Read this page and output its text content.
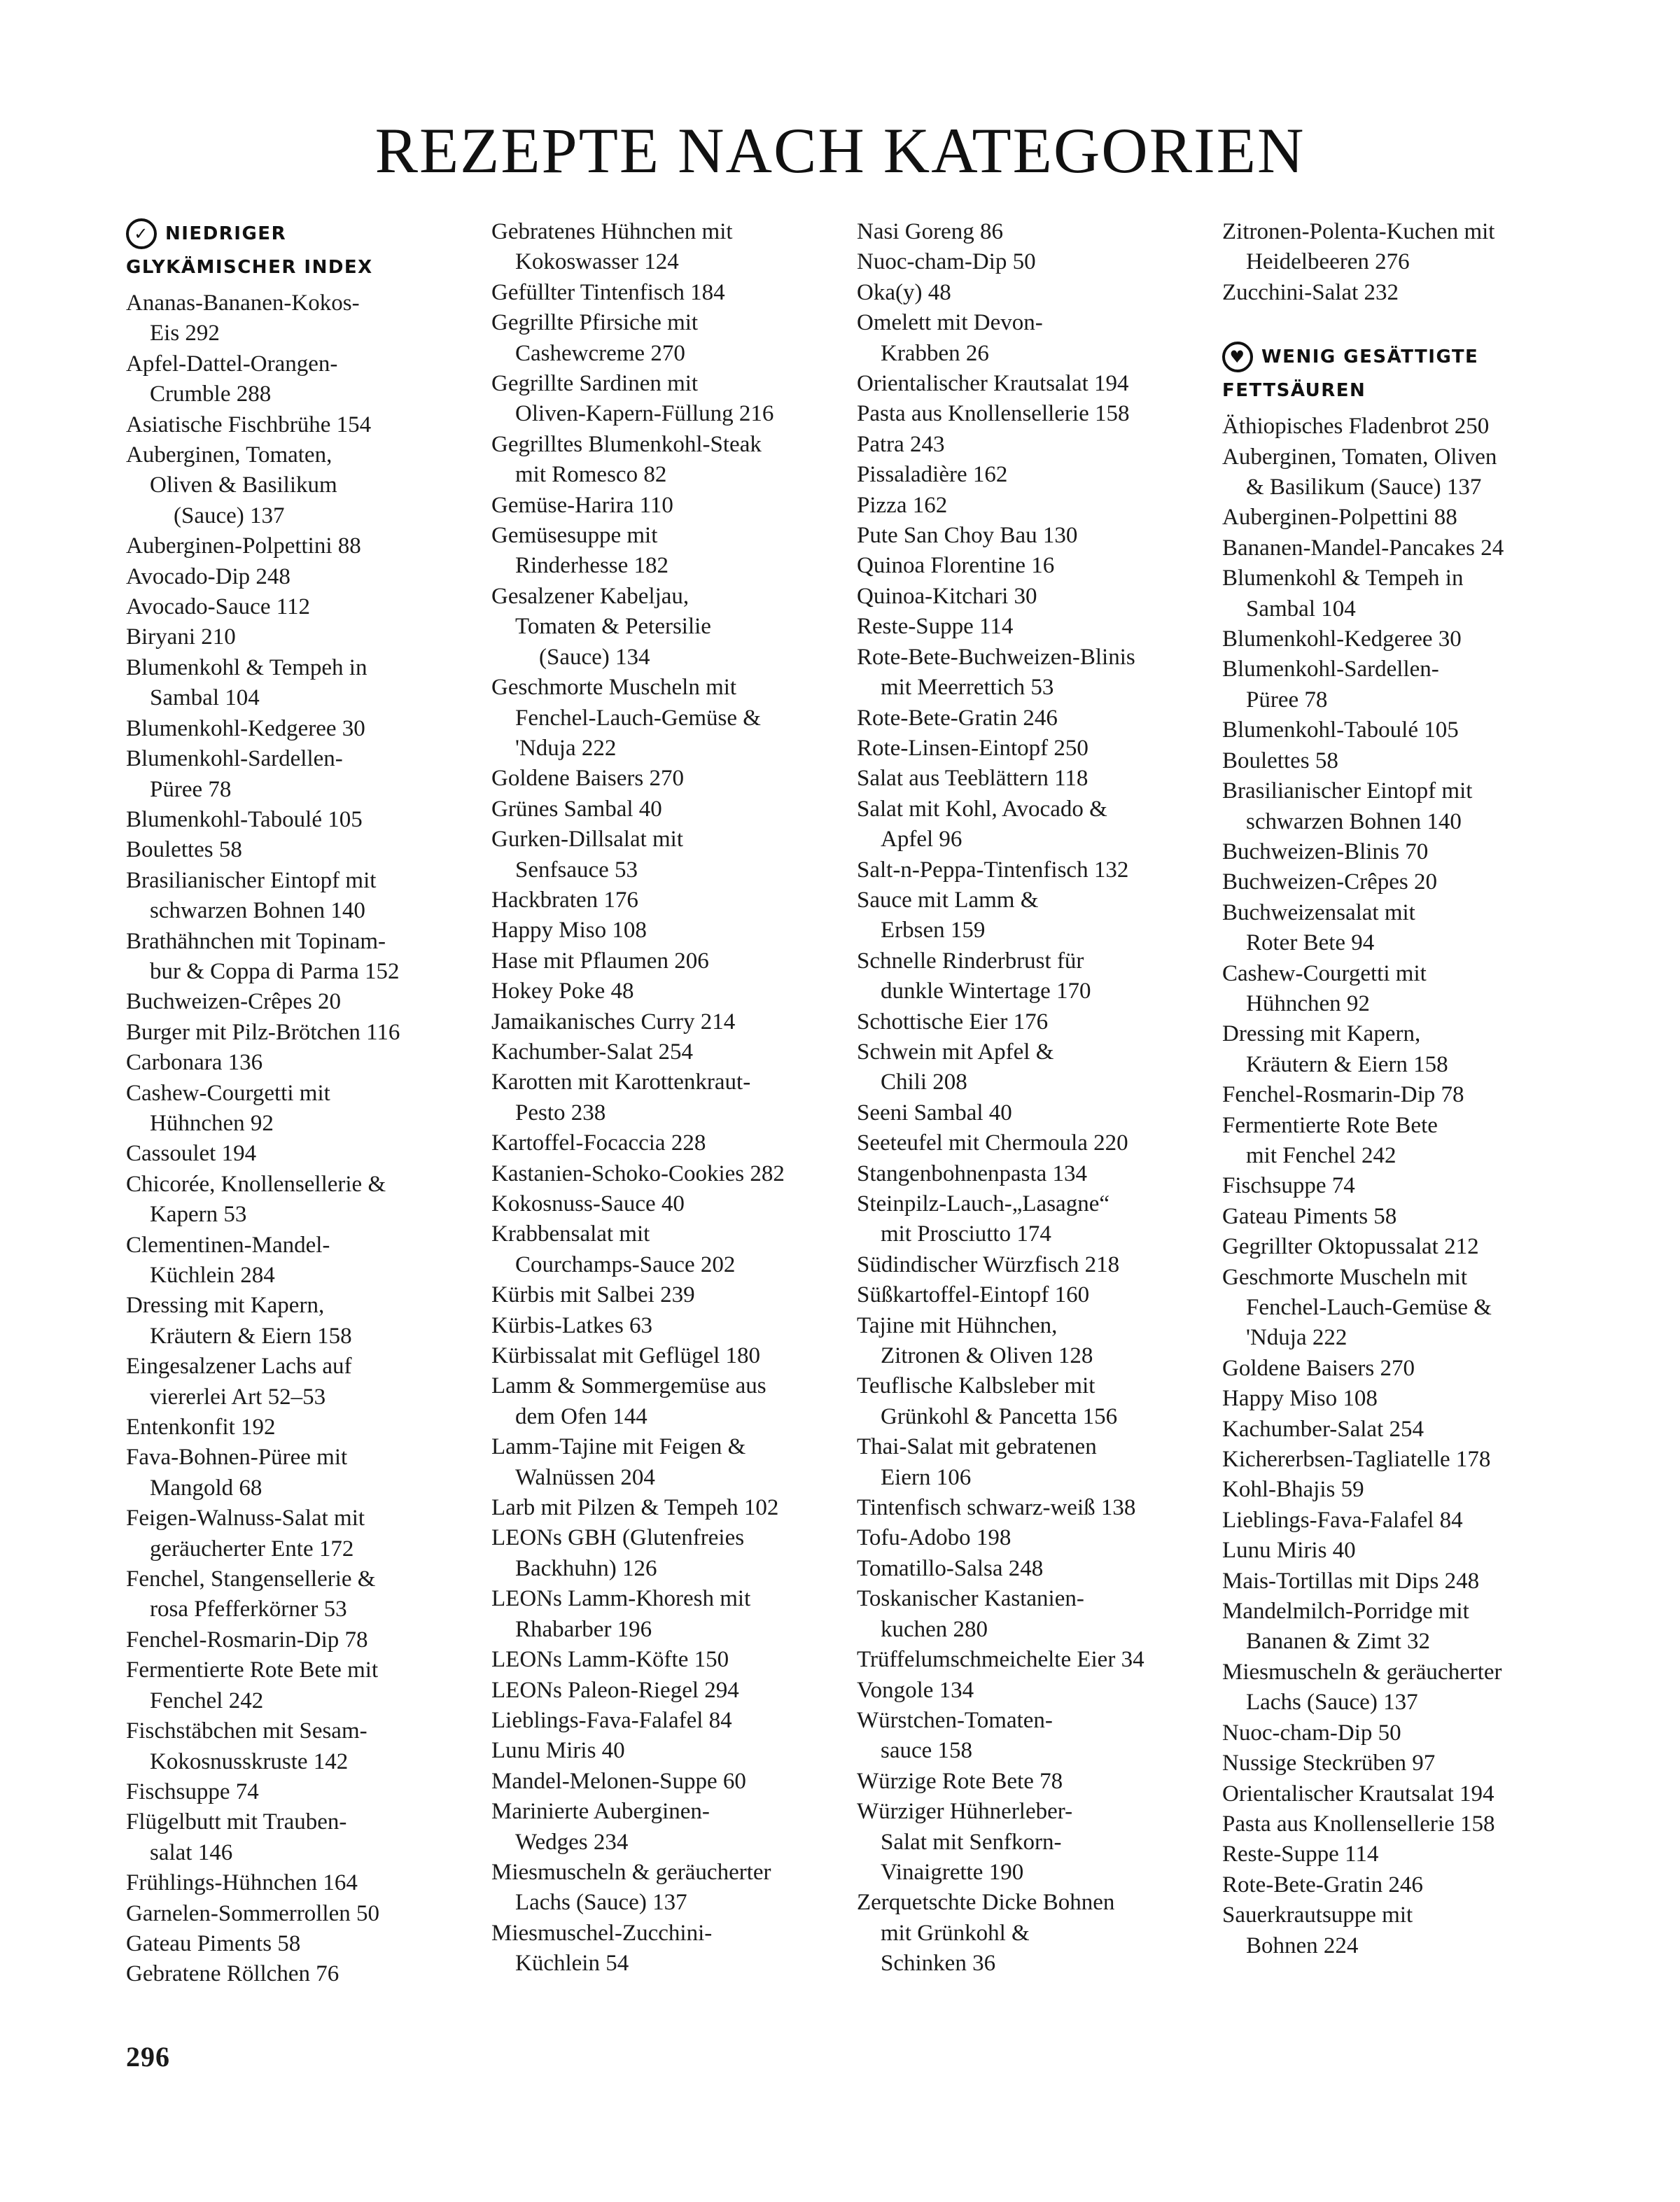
REZEPTE NACH KATEGORIEN
✓ NIEDRIGER
GLYKÄMISCHER INDEX
Ananas-Bananen-Kokos-
Eis 292
Apfel-Dattel-Orangen-
Crumble 288
Asiatische Fischbrühe 154
Auberginen, Tomaten,
Oliven & Basilikum
(Sauce) 137
Auberginen-Polpettini 88
Avocado-Dip 248
Avocado-Sauce 112
Biryani 210
Blumenkohl & Tempeh in
Sambal 104
Blumenkohl-Kedgeree 30
Blumenkohl-Sardellen-
Püree 78
Blumenkohl-Taboulé 105
Boulettes 58
Brasilianischer Eintopf mit
schwarzen Bohnen 140
Brathähnchen mit Topinam-
bur & Coppa di Parma 152
Buchweizen-Crêpes 20
Burger mit Pilz-Brötchen 116
Carbonara 136
Cashew-Courgetti mit
Hühnchen 92
Cassoulet 194
Chicorée, Knollensellerie &
Kapern 53
Clementinen-Mandel-
Küchlein 284
Dressing mit Kapern,
Kräutern & Eiern 158
Eingesalzener Lachs auf
viererlei Art 52–53
Entenkonfit 192
Fava-Bohnen-Püree mit
Mangold 68
Feigen-Walnuss-Salat mit
geräucherter Ente 172
Fenchel, Stangensellerie &
rosa Pfefferkörner 53
Fenchel-Rosmarin-Dip 78
Fermentierte Rote Bete mit
Fenchel 242
Fischstäbchen mit Sesam-
Kokosnusskruste 142
Fischsuppe 74
Flügelbutt mit Trauben-
salat 146
Frühlings-Hühnchen 164
Garnelen-Sommerrollen 50
Gateau Piments 58
Gebratene Röllchen 76
Gebratenes Hühnchen mit
Kokoswasser 124
Gefüllter Tintenfisch 184
Gegrillte Pfirsiche mit
Cashewcreme 270
Gegrillte Sardinen mit
Oliven-Kapern-Füllung 216
Gegrilltes Blumenkohl-Steak
mit Romesco 82
Gemüse-Harira 110
Gemüsesuppe mit
Rinderhesse 182
Gesalzener Kabeljau,
Tomaten & Petersilie
(Sauce) 134
Geschmorte Muscheln mit
Fenchel-Lauch-Gemüse &
'Nduja 222
Goldene Baisers 270
Grünes Sambal 40
Gurken-Dillsalat mit
Senfsauce 53
Hackbraten 176
Happy Miso 108
Hase mit Pflaumen 206
Hokey Poke 48
Jamaikanisches Curry 214
Kachumber-Salat 254
Karotten mit Karottenkraut-
Pesto 238
Kartoffel-Focaccia 228
Kastanien-Schoko-Cookies 282
Kokosnuss-Sauce 40
Krabbensalat mit
Courchamps-Sauce 202
Kürbis mit Salbei 239
Kürbis-Latkes 63
Kürbissalat mit Geflügel 180
Lamm & Sommergemüse aus
dem Ofen 144
Lamm-Tajine mit Feigen &
Walnüssen 204
Larb mit Pilzen & Tempeh 102
LEONs GBH (Glutenfreies
Backhuhn) 126
LEONs Lamm-Khoresh mit
Rhabarber 196
LEONs Lamm-Köfte 150
LEONs Paleon-Riegel 294
Lieblings-Fava-Falafel 84
Lunu Miris 40
Mandel-Melonen-Suppe 60
Marinierte Auberginen-
Wedges 234
Miesmuscheln & geräucherter
Lachs (Sauce) 137
Miesmuschel-Zucchini-
Küchlein 54
Nasi Goreng 86
Nuoc-cham-Dip 50
Oka(y) 48
Omelett mit Devon-
Krabben 26
Orientalischer Krautsalat 194
Pasta aus Knollensellerie 158
Patra 243
Pissaladière 162
Pizza 162
Pute San Choy Bau 130
Quinoa Florentine 16
Quinoa-Kitchari 30
Reste-Suppe 114
Rote-Bete-Buchweizen-Blinis
mit Meerrettich 53
Rote-Bete-Gratin 246
Rote-Linsen-Eintopf 250
Salat aus Teeblättern 118
Salat mit Kohl, Avocado &
Apfel 96
Salt-n-Peppa-Tintenfisch 132
Sauce mit Lamm &
Erbsen 159
Schnelle Rinderbrust für
dunkle Wintertage 170
Schottische Eier 176
Schwein mit Apfel &
Chili 208
Seeni Sambal 40
Seeteufel mit Chermoula 220
Stangenbohnenpasta 134
Steinpilz-Lauch-„Lasagne“
mit Prosciutto 174
Südindischer Würzfisch 218
Süßkartoffel-Eintopf 160
Tajine mit Hühnchen,
Zitronen & Oliven 128
Teuflische Kalbsleber mit
Grünkohl & Pancetta 156
Thai-Salat mit gebratenen
Eiern 106
Tintenfisch schwarz-weiß 138
Tofu-Adobo 198
Tomatillo-Salsa 248
Toskanischer Kastanien-
kuchen 280
Trüffelumschmeichelte Eier 34
Vongole 134
Würstchen-Tomaten-
sauce 158
Würzige Rote Bete 78
Würziger Hühnerleber-
Salat mit Senfkorn-
Vinaigrette 190
Zerquetschte Dicke Bohnen
mit Grünkohl &
Schinken 36
Zitronen-Polenta-Kuchen mit
Heidelbeeren 276
Zucchini-Salat 232
♥ WENIG GESÄTTIGTE
FETTSÄUREN
Äthiopisches Fladenbrot 250
Auberginen, Tomaten, Oliven
& Basilikum (Sauce) 137
Auberginen-Polpettini 88
Bananen-Mandel-Pancakes 24
Blumenkohl & Tempeh in
Sambal 104
Blumenkohl-Kedgeree 30
Blumenkohl-Sardellen-
Püree 78
Blumenkohl-Taboulé 105
Boulettes 58
Brasilianischer Eintopf mit
schwarzen Bohnen 140
Buchweizen-Blinis 70
Buchweizen-Crêpes 20
Buchweizensalat mit
Roter Bete 94
Cashew-Courgetti mit
Hühnchen 92
Dressing mit Kapern,
Kräutern & Eiern 158
Fenchel-Rosmarin-Dip 78
Fermentierte Rote Bete
mit Fenchel 242
Fischsuppe 74
Gateau Piments 58
Gegrillter Oktopussalat 212
Geschmorte Muscheln mit
Fenchel-Lauch-Gemüse &
'Nduja 222
Goldene Baisers 270
Happy Miso 108
Kachumber-Salat 254
Kichererbsen-Tagliatelle 178
Kohl-Bhajis 59
Lieblings-Fava-Falafel 84
Lunu Miris 40
Mais-Tortillas mit Dips 248
Mandelmilch-Porridge mit
Bananen & Zimt 32
Miesmuscheln & geräucherter
Lachs (Sauce) 137
Nuoc-cham-Dip 50
Nussige Steckrüben 97
Orientalischer Krautsalat 194
Pasta aus Knollensellerie 158
Reste-Suppe 114
Rote-Bete-Gratin 246
Sauerkrautsuppe mit
Bohnen 224
296
